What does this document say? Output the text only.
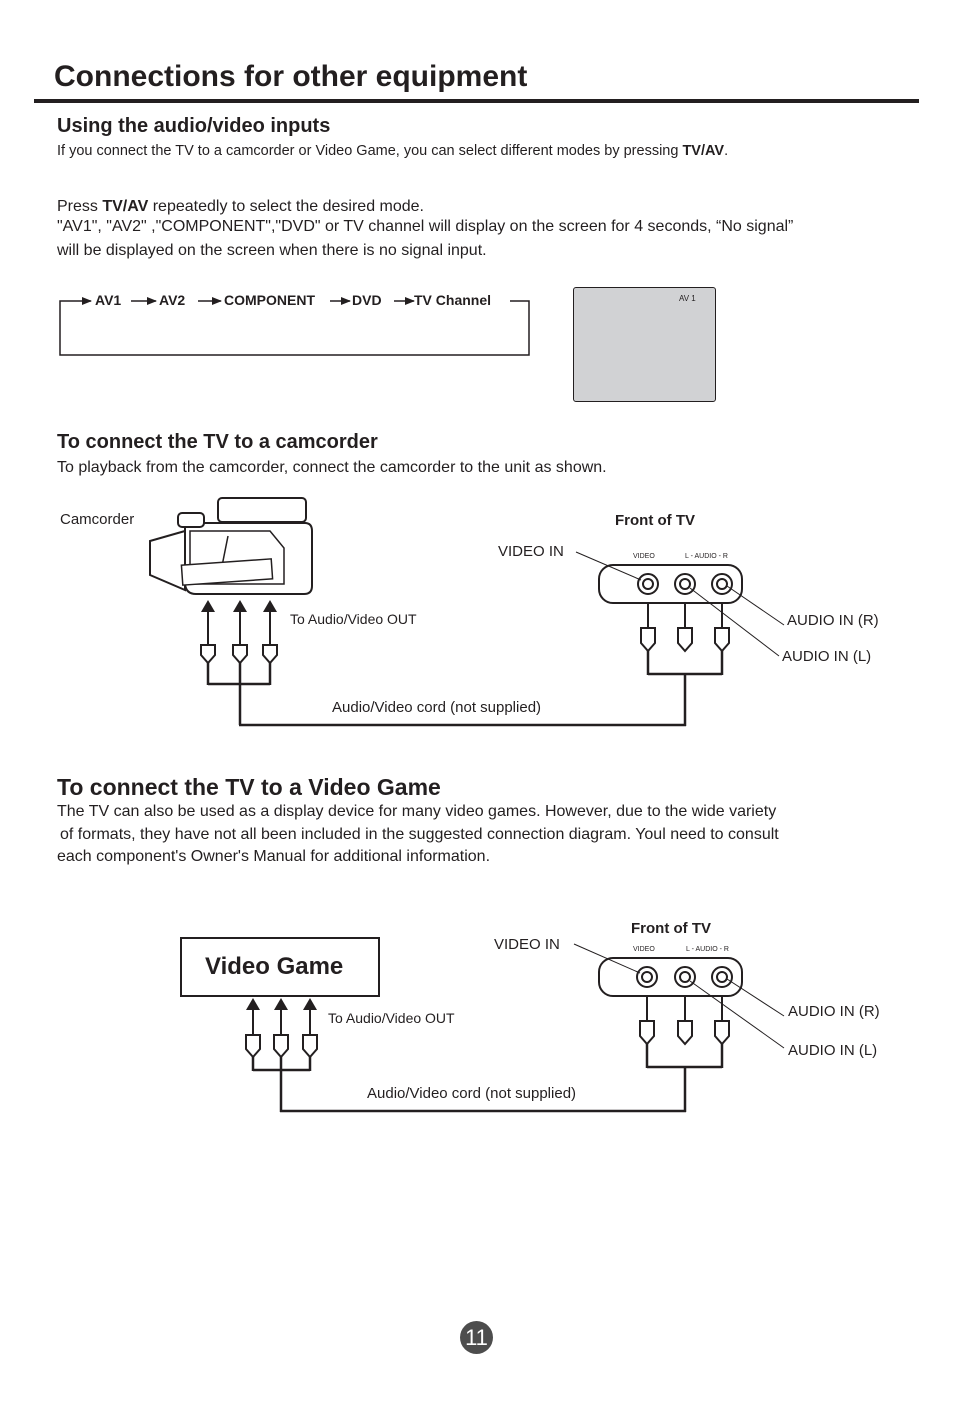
Connections for other equipment
Using the audio/video inputs
If you connect the TV to a camcorder or Video Game, you can select different modes by pressing TV/AV.
Press TV/AV repeatedly to select the desired mode.
"AV1", "AV2" ,"COMPONENT","DVD" or TV channel will display on the screen for 4 seconds, “No signal”
will be displayed on the screen when there is no signal input.
AV1	AV2	COMPONENT	DVD TV Channel	AV 1
To connect the TV to a camcorder
To playback from the camcorder, connect the camcorder to the unit as shown.
Camcorder
To Audio/Video OUT
Front of TV
VIDEO IN	VIDEO	L - AUDIO - R
AUDIO IN (R)
AUDIO IN (L)
Audio/Video cord (not supplied)
To connect the TV to a Video Game
The TV can also be used as a display device for many video games. However, due to the wide variety
of formats, they have not all been included in the suggested connection diagram. Youl need to consult
each component's Owner's Manual for additional information.
Video Game
To Audio/Video OUT
Front of TV
VIDEO IN	VIDEO	L - AUDIO - R
AUDIO IN (R)
AUDIO IN (L)
Audio/Video cord (not supplied)
11
